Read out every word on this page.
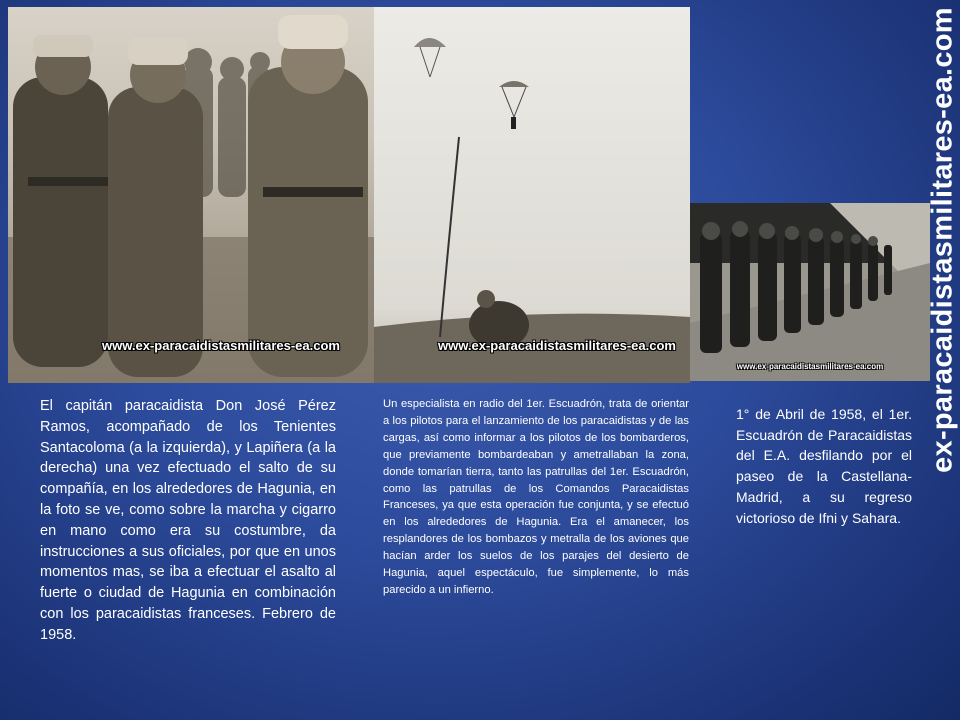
www.ex-paracaidistasmilitares-ea.com	www.ex-paracaidistasmilitares-ea.com
www.ex-paracaidistasmilitares-ea.com
El capitán paracaidista Don José Pérez Ramos, acompañado de los Tenientes Santacoloma (a la izquierda), y Lapiñera (a la derecha) una vez efectuado el salto de su compañía, en los alrededores de Hagunia, en la foto se ve, como sobre la marcha y cigarro en mano como era su costumbre, da instrucciones a sus oficiales, por que en unos momentos mas, se iba a efectuar el asalto al fuerte o ciudad de Hagunia en combinación con los paracaidistas franceses. Febrero de 1958.
Un especialista en radio del 1er. Escuadrón, trata de orientar a los pilotos para el lanzamiento de los paracaidistas y de las cargas, así como informar a los pilotos de los bombarderos, que previamente bombardeaban y ametrallaban la zona, donde tomarían tierra, tanto las patrullas del 1er. Escuadrón, como las patrullas de los Comandos Paracaidistas Franceses, ya que esta operación fue conjunta, y se efectuó en los alrededores de Hagunia. Era el amanecer, los resplandores de los bombazos y metralla de los aviones que hacían arder los suelos de los parajes del desierto de Hagunia, aquel espectáculo, fue simplemente, lo más parecido a un infierno.
1° de Abril de 1958, el 1er. Escuadrón de Paracaidistas del E.A. desfilando por el paseo de la Castellana-Madrid, a su regreso victorioso de Ifni y Sahara.
ex-paracaidistasmilitares-ea.com
